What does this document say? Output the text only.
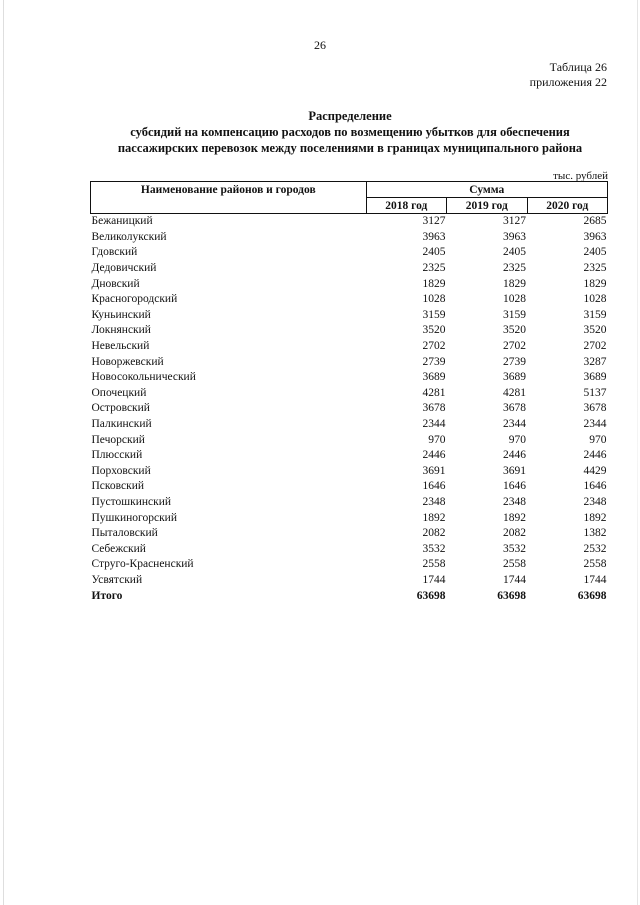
26
Таблица 26
приложения 22
Распределение
субсидий на компенсацию расходов по возмещению убытков для обеспечения
пассажирских перевозок между поселениями в границах муниципального района
тыс. рублей
Наименование районов и городов	Сумма		
	2018 год	2019 год	2020 год
Бежаницкий	3127	3127	2685
Великолукский	3963	3963	3963
Гдовский	2405	2405	2405
Дедовичский	2325	2325	2325
Дновский	1829	1829	1829
Красногородский	1028	1028	1028
Куньинский	3159	3159	3159
Локнянский	3520	3520	3520
Невельский	2702	2702	2702
Новоржевский	2739	2739	3287
Новосокольнический	3689	3689	3689
Опочецкий	4281	4281	5137
Островский	3678	3678	3678
Палкинский	2344	2344	2344
Печорский	970	970	970
Плюсский	2446	2446	2446
Порховский	3691	3691	4429
Псковский	1646	1646	1646
Пустошкинский	2348	2348	2348
Пушкиногорский	1892	1892	1892
Пыталовский	2082	2082	1382
Себежский	3532	3532	2532
Струго-Красненский	2558	2558	2558
Усвятский	1744	1744	1744
Итого	63698	63698	63698
